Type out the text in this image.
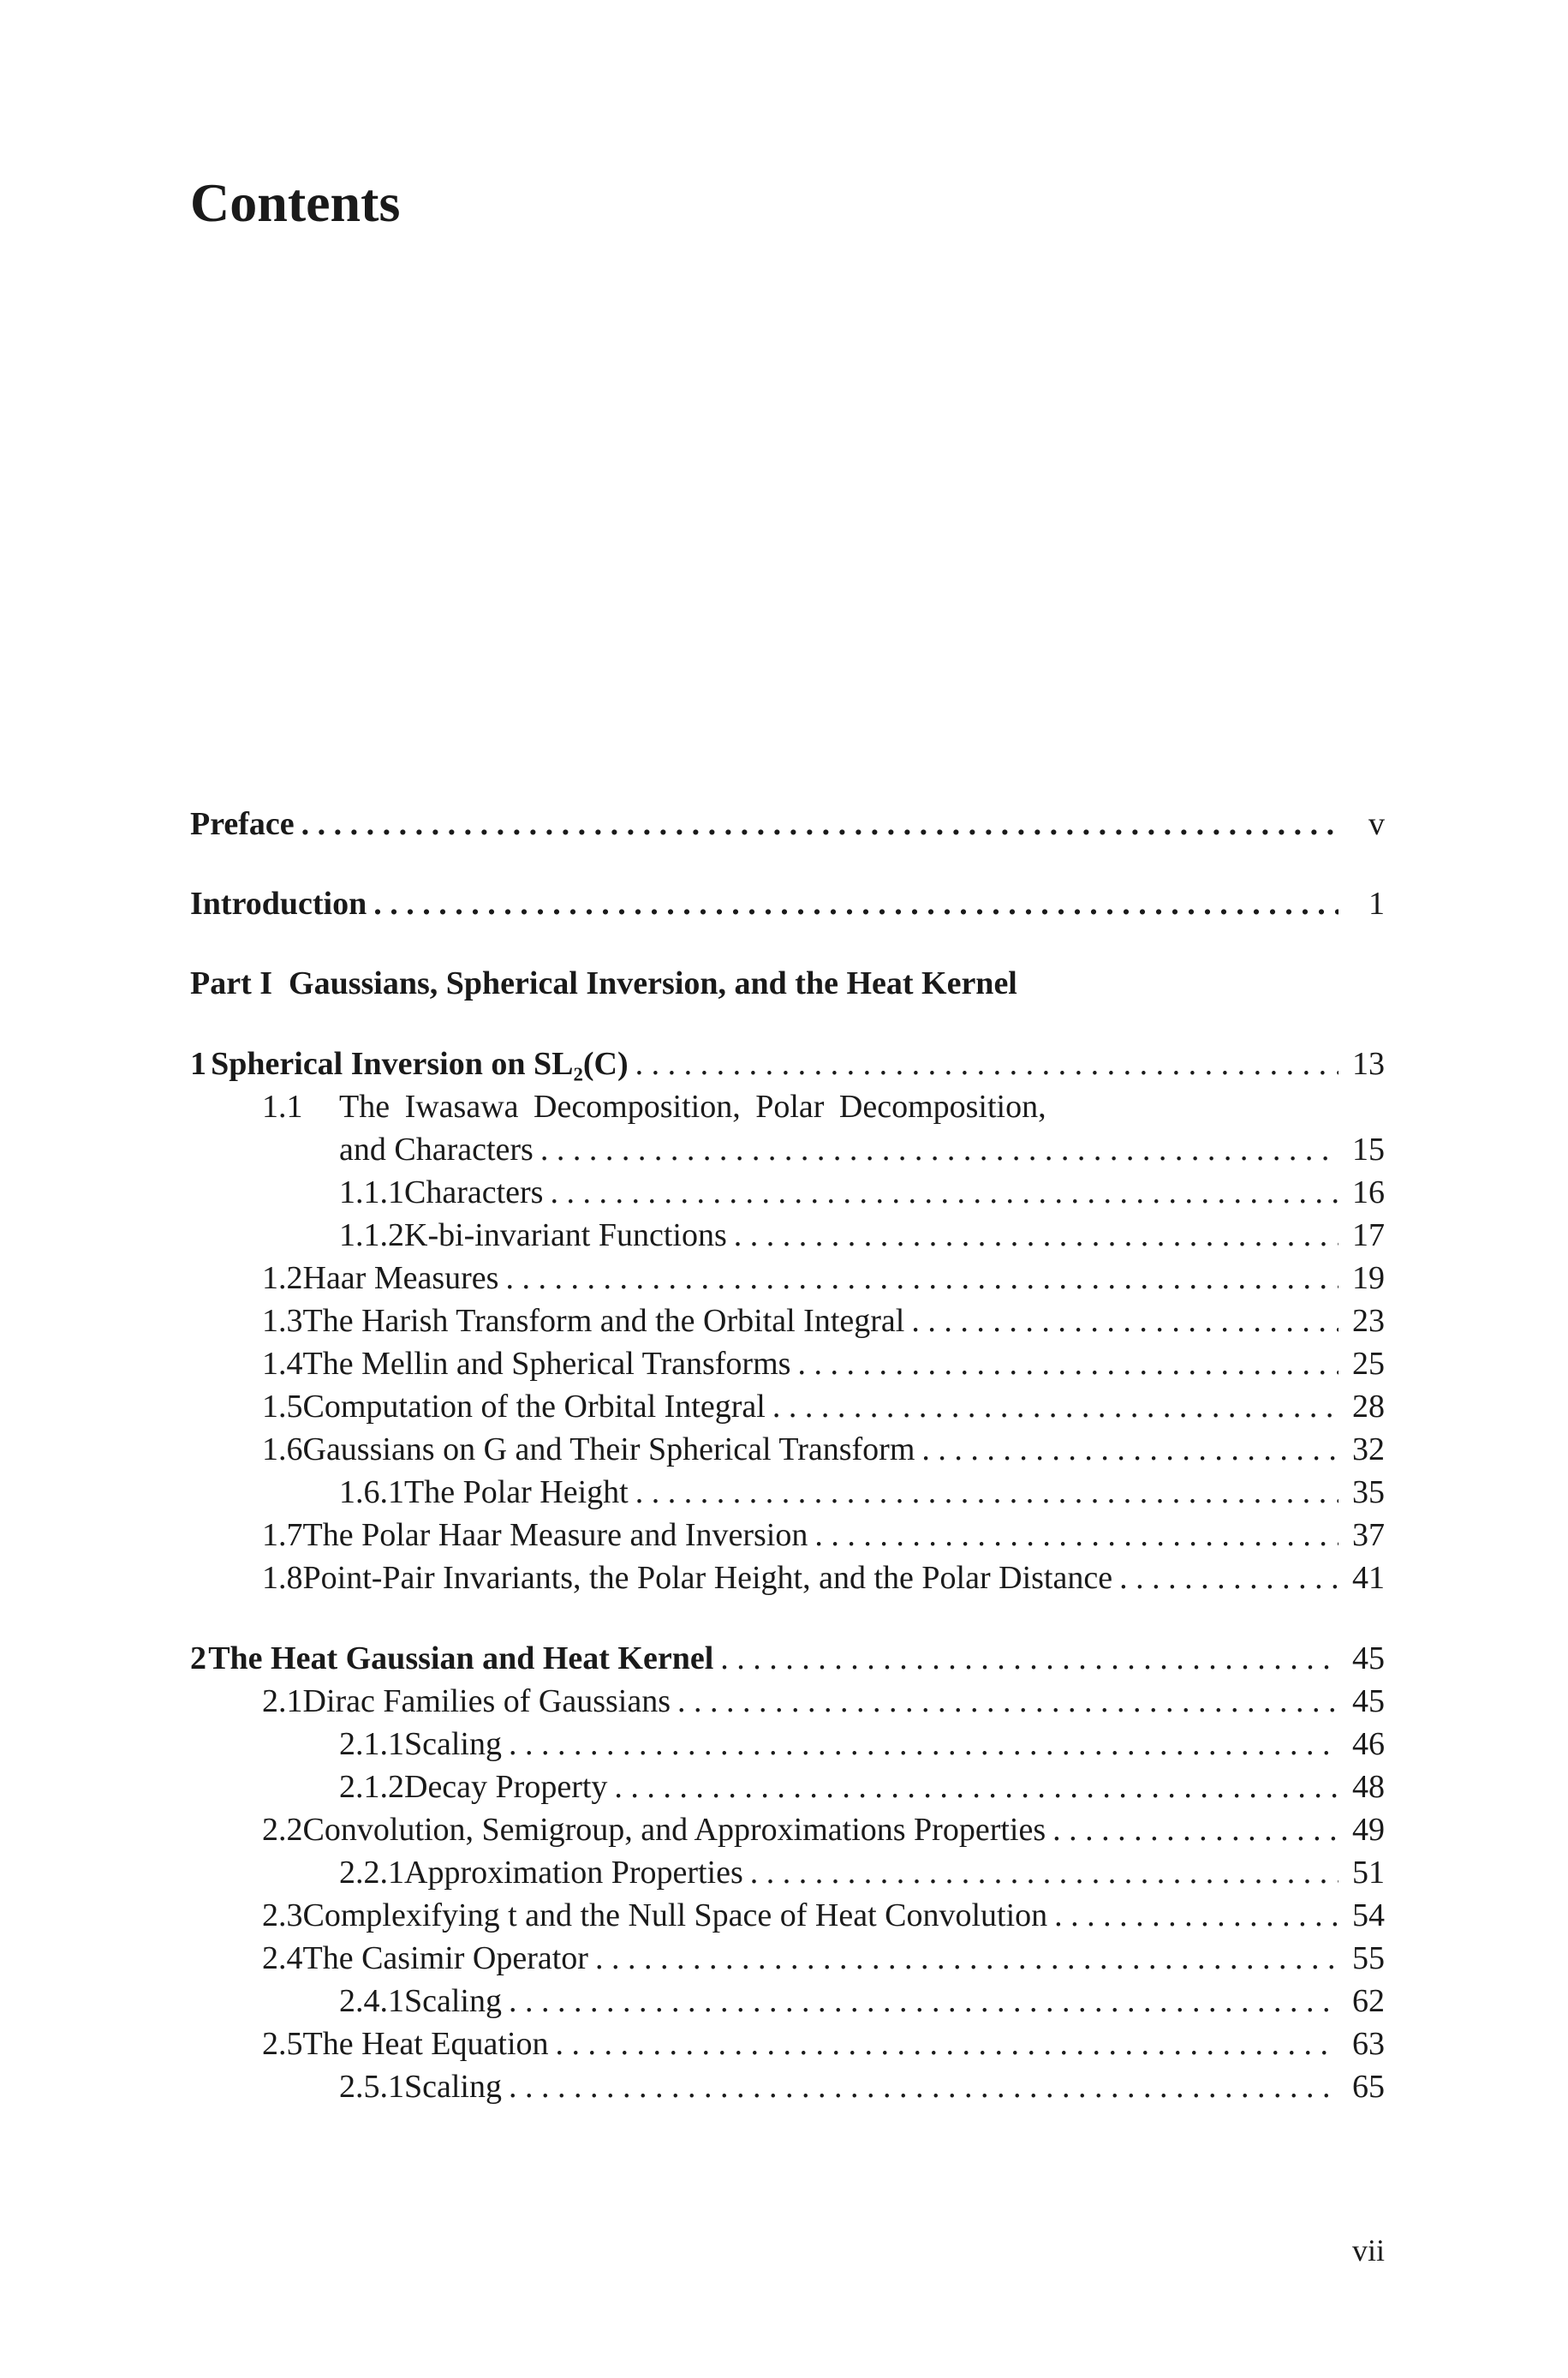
Contents
Preface . . .	v
Introduction . . .	1
Part I  Gaussians, Spherical Inversion, and the Heat Kernel
1 Spherical Inversion on SL₂(C) . . .	13
1.1	The Iwasawa Decomposition, Polar Decomposition,
and Characters . . .	15
1.1.1 Characters . . .	16
1.1.2 K-bi-invariant Functions . . .	17
1.2 Haar Measures . . .	19
1.3 The Harish Transform and the Orbital Integral . . .	23
1.4 The Mellin and Spherical Transforms . . .	25
1.5 Computation of the Orbital Integral . . .	28
1.6 Gaussians on G and Their Spherical Transform . . .	32
1.6.1 The Polar Height . . .	35
1.7 The Polar Haar Measure and Inversion . . .	37
1.8 Point-Pair Invariants, the Polar Height, and the Polar Distance . . .	41
2 The Heat Gaussian and Heat Kernel . . .	45
2.1 Dirac Families of Gaussians . . .	45
2.1.1 Scaling . . .	46
2.1.2 Decay Property . . .	48
2.2 Convolution, Semigroup, and Approximations Properties . . .	49
2.2.1 Approximation Properties . . .	51
2.3 Complexifying t and the Null Space of Heat Convolution . . .	54
2.4 The Casimir Operator . . .	55
2.4.1 Scaling . . .	62
2.5 The Heat Equation . . .	63
2.5.1 Scaling . . .	65
vii
